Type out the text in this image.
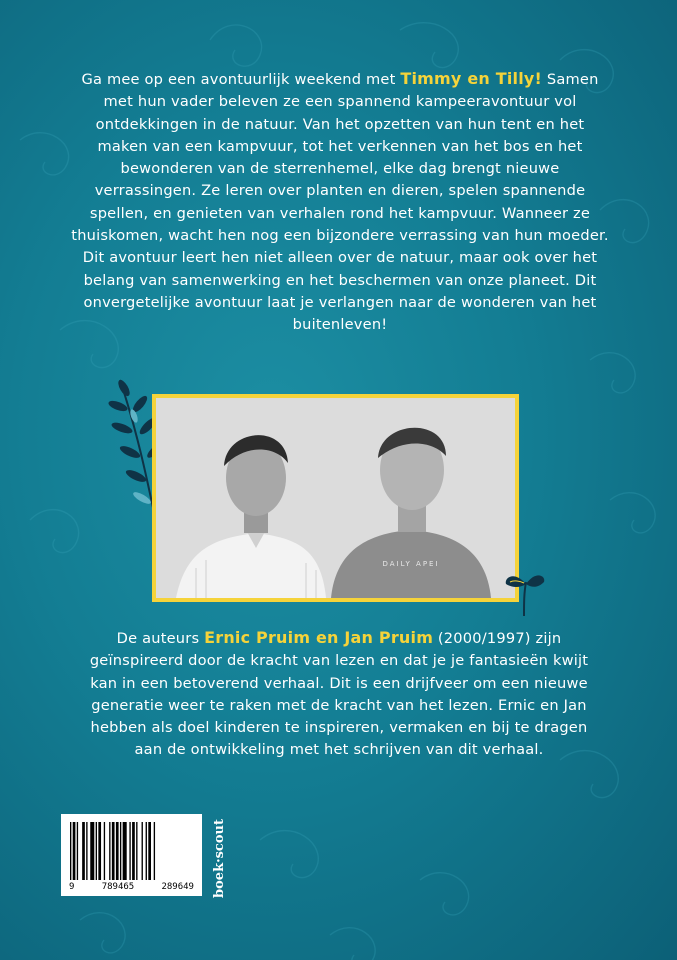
Ga mee op een avontuurlijk weekend met Timmy en Tilly! Samen met hun vader beleven ze een spannend kampeeravontuur vol ontdekkingen in de natuur. Van het opzetten van hun tent en het maken van een kampvuur, tot het verkennen van het bos en het bewonderen van de sterrenhemel, elke dag brengt nieuwe verrassingen. Ze leren over planten en dieren, spelen spannende spellen, en genieten van verhalen rond het kampvuur. Wanneer ze thuiskomen, wacht hen nog een bijzondere verrassing van hun moeder. Dit avontuur leert hen niet alleen over de natuur, maar ook over het belang van samenwerking en het beschermen van onze planeet. Dit onvergetelijke avontuur laat je verlangen naar de wonderen van het buitenleven!
DAILY APEI
De auteurs Ernic Pruim en Jan Pruim (2000/1997) zijn geïnspireerd door de kracht van lezen en dat je je fantasieën kwijt kan in een betoverend verhaal. Dit is een drijfveer om een nieuwe generatie weer te raken met de kracht van het lezen. Ernic en Jan hebben als doel kinderen te inspireren, vermaken en bij te dragen aan de ontwikkeling met het schrijven van dit verhaal.
9	789465	289649 boek·scout
